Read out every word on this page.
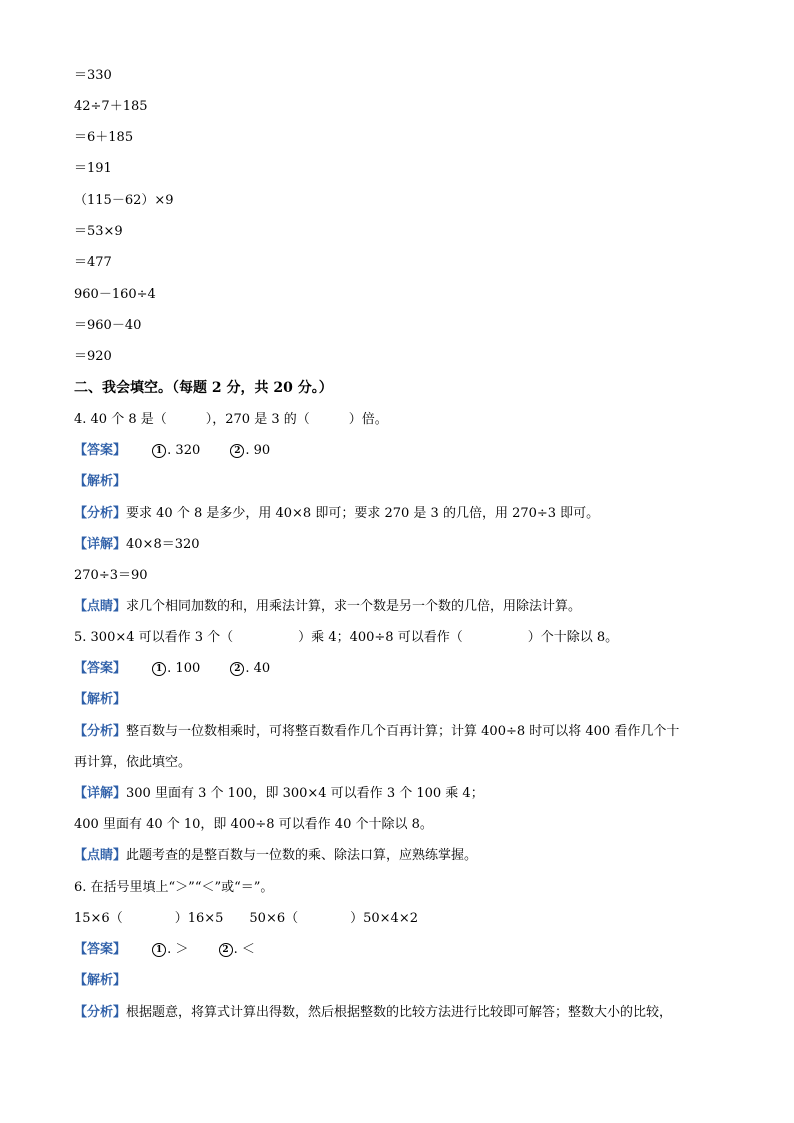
＝330
42÷7＋185
＝6＋185
＝191
（115－62）×9
＝53×9
＝477
960－160÷4
＝960－40
＝920
二、我会填空。（每题 2 分，共 20 分。）
4. 40 个 8 是（　　　），270 是 3 的（　　　）倍。
【答案】	1 . 320	2 . 90
【解析】
【分析】要求 40 个 8 是多少，用 40×8 即可；要求 270 是 3 的几倍，用 270÷3 即可。
【详解】40×8＝320
270÷3＝90
【点睛】求几个相同加数的和，用乘法计算，求一个数是另一个数的几倍，用除法计算。
5. 300×4 可以看作 3 个（　　　　　）乘 4；400÷8 可以看作（　　　　　）个十除以 8。
【答案】	1 . 100	2 . 40
【解析】
【分析】整百数与一位数相乘时，可将整百数看作几个百再计算；计算 400÷8 时可以将 400 看作几个十
再计算，依此填空。
【详解】300 里面有 3 个 100，即 300×4 可以看作 3 个 100 乘 4；
400 里面有 40 个 10，即 400÷8 可以看作 40 个十除以 8。
【点睛】此题考查的是整百数与一位数的乘、除法口算，应熟练掌握。
6. 在括号里填上“＞”“＜”或“＝”。
15×6（　　　　）16×5　　50×6（　　　　）50×4×2
【答案】	1 . ＞	2 . ＜
【解析】
【分析】根据题意，将算式计算出得数，然后根据整数的比较方法进行比较即可解答；整数大小的比较，
